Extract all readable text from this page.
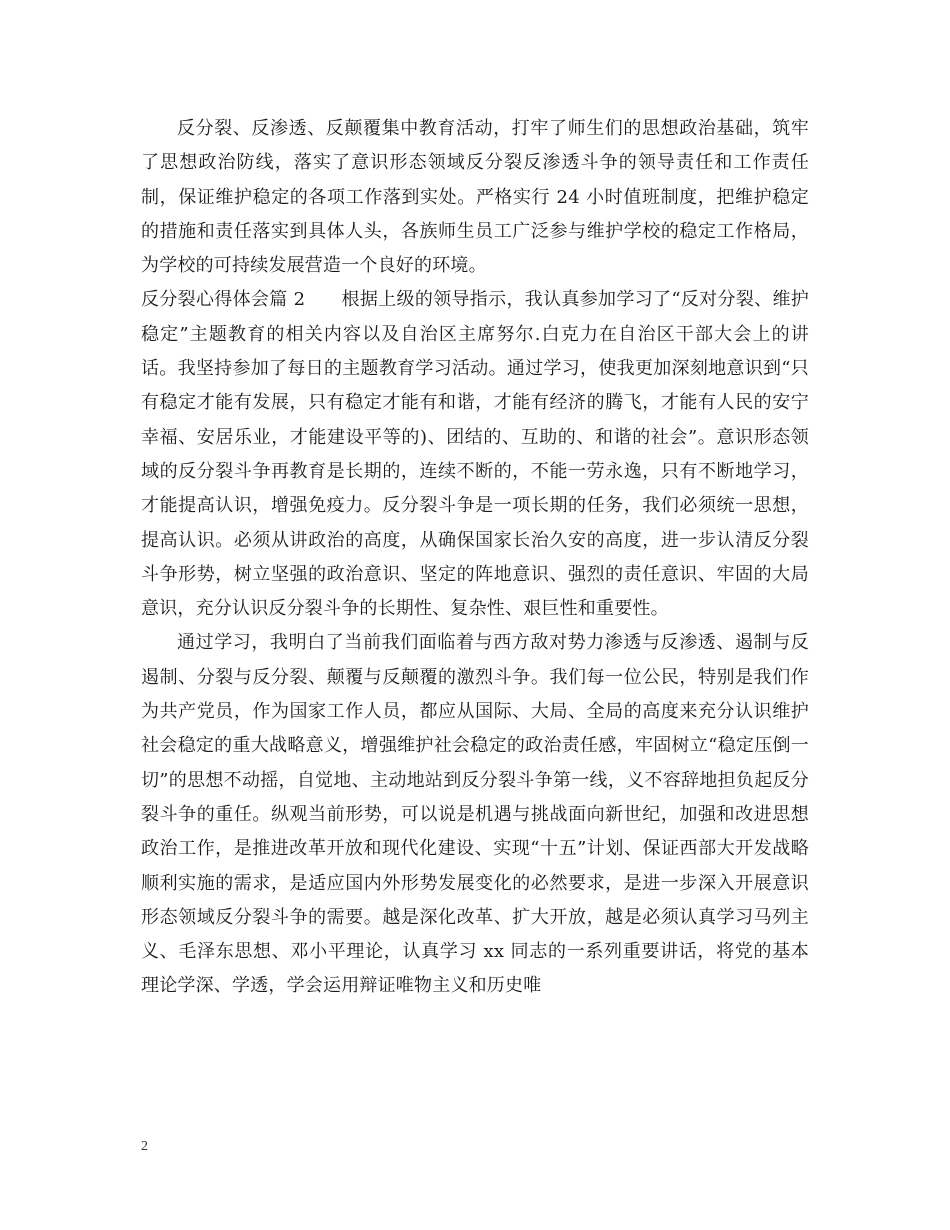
反分裂、反渗透、反颠覆集中教育活动，打牢了师生们的思想政治基础，筑牢了思想政治防线，落实了意识形态领域反分裂反渗透斗争的领导责任和工作责任制，保证维护稳定的各项工作落到实处。严格实行 24 小时值班制度，把维护稳定的措施和责任落实到具体人头，各族师生员工广泛参与维护学校的稳定工作格局，为学校的可持续发展营造一个良好的环境。

反分裂心得体会篇 2 根据上级的领导指示，我认真参加学习了“反对分裂、维护稳定”主题教育的相关内容以及自治区主席努尔.白克力在自治区干部大会上的讲话。我坚持参加了每日的主题教育学习活动。通过学习，使我更加深刻地意识到“只有稳定才能有发展，只有稳定才能有和谐，才能有经济的腾飞，才能有人民的安宁幸福、安居乐业，才能建设平等的)、团结的、互助的、和谐的社会”。意识形态领域的反分裂斗争再教育是长期的，连续不断的，不能一劳永逸，只有不断地学习，才能提高认识，增强免疫力。反分裂斗争是一项长期的任务，我们必须统一思想，提高认识。必须从讲政治的高度，从确保国家长治久安的高度，进一步认清反分裂斗争形势，树立坚强的政治意识、坚定的阵地意识、强烈的责任意识、牢固的大局意识，充分认识反分裂斗争的长期性、复杂性、艰巨性和重要性。

通过学习，我明白了当前我们面临着与西方敌对势力渗透与反渗透、遏制与反遏制、分裂与反分裂、颠覆与反颠覆的激烈斗争。我们每一位公民，特别是我们作为共产党员，作为国家工作人员，都应从国际、大局、全局的高度来充分认识维护社会稳定的重大战略意义，增强维护社会稳定的政治责任感，牢固树立“稳定压倒一切”的思想不动摇，自觉地、主动地站到反分裂斗争第一线，义不容辞地担负起反分裂斗争的重任。纵观当前形势，可以说是机遇与挑战面向新世纪，加强和改进思想政治工作，是推进改革开放和现代化建设、实现“十五”计划、保证西部大开发战略顺利实施的需求，是适应国内外形势发展变化的必然要求，是进一步深入开展意识形态领域反分裂斗争的需要。越是深化改革、扩大开放，越是必须认真学习马列主义、毛泽东思想、邓小平理论，认真学习 xx 同志的一系列重要讲话，将党的基本理论学深、学透，学会运用辩证唯物主义和历史唯

2
